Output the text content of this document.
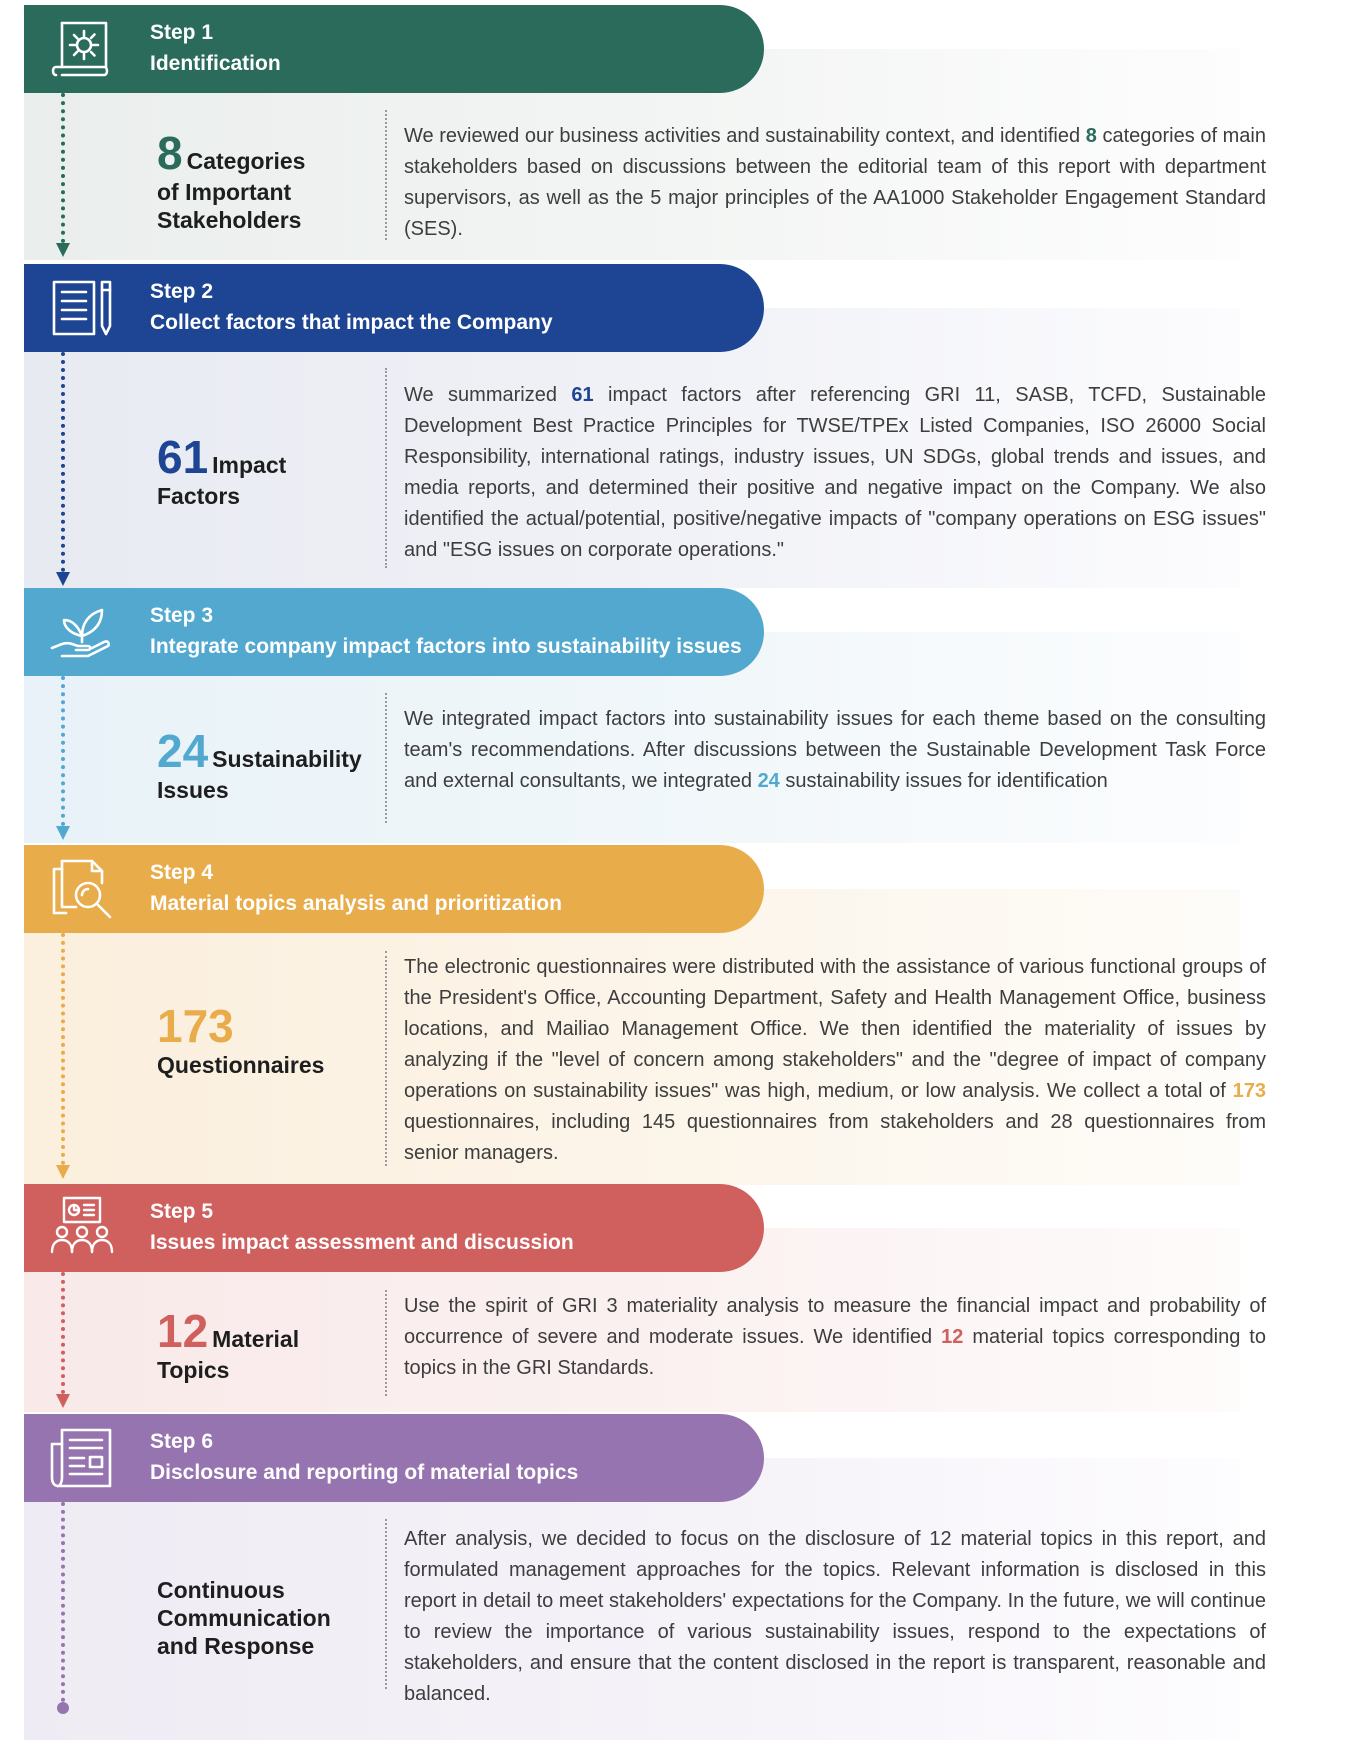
Step 1
Identification
8 Categories
of Important
Stakeholders
We reviewed our business activities and sustainability context, and identified 8 categories of main stakeholders based on discussions between the editorial team of this report with department supervisors, as well as the 5 major principles of the AA1000 Stakeholder Engagement Standard (SES).
Step 2
Collect factors that impact the Company
61 Impact
Factors
We summarized 61 impact factors after referencing GRI 11, SASB, TCFD, Sustainable Development Best Practice Principles for TWSE/TPEx Listed Companies, ISO 26000 Social Responsibility, international ratings, industry issues, UN SDGs, global trends and issues, and media reports, and determined their positive and negative impact on the Company. We also identified the actual/potential, positive/negative impacts of "company operations on ESG issues" and "ESG issues on corporate operations."
Step 3
Integrate company impact factors into sustainability issues
24 Sustainability
Issues
We integrated impact factors into sustainability issues for each theme based on the consulting team's recommendations. After discussions between the Sustainable Development Task Force and external consultants, we integrated 24 sustainability issues for identification
Step 4
Material topics analysis and prioritization
173
Questionnaires
The electronic questionnaires were distributed with the assistance of various functional groups of the President's Office, Accounting Department, Safety and Health Management Office, business locations, and Mailiao Management Office. We then identified the materiality of issues by analyzing if the "level of concern among stakeholders" and the "degree of impact of company operations on sustainability issues" was high, medium, or low analysis. We collect a total of 173 questionnaires, including 145 questionnaires from stakeholders and 28 questionnaires from senior managers.
Step 5
Issues impact assessment and discussion
12 Material
Topics
Use the spirit of GRI 3 materiality analysis to measure the financial impact and probability of occurrence of severe and moderate issues. We identified 12 material topics corresponding to topics in the GRI Standards.
Step 6
Disclosure and reporting of material topics
Continuous
Communication
and Response
After analysis, we decided to focus on the disclosure of 12 material topics in this report, and formulated management approaches for the topics. Relevant information is disclosed in this report in detail to meet stakeholders' expectations for the Company. In the future, we will continue to review the importance of various sustainability issues, respond to the expectations of stakeholders, and ensure that the content disclosed in the report is transparent, reasonable and balanced.
